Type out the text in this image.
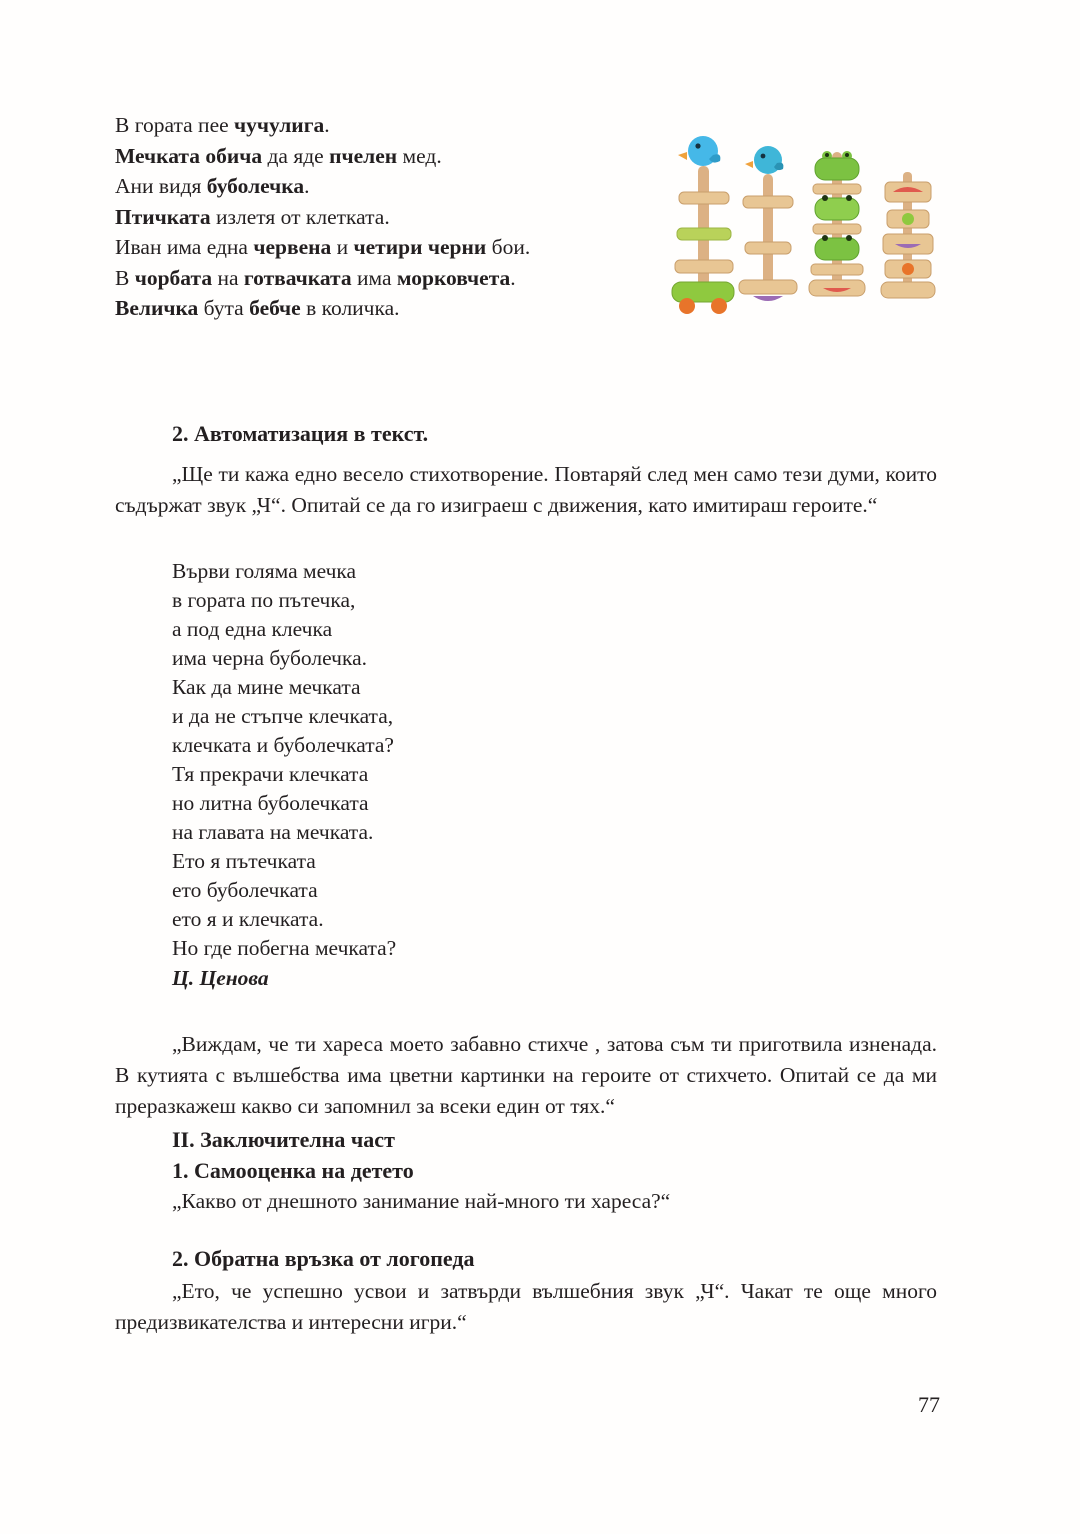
В гората пее чучулига.
Мечката обича да яде пчелен мед.
Ани видя буболечка.
Птичката излетя от клетката.
Иван има една червена и четири черни бои.
В чорбата на готвачката има морковчета.
Величка бута бебче в количка.
2. Автоматизация в текст.

„Ще ти кажа едно весело стихотворение. Повтаряй след мен само тези думи, които съдържат звук „Ч“. Опитай се да го изиграеш с движения, като имитираш героите.“

Върви голяма мечка
в гората по пътечка,
а под една клечка
има черна буболечка.
Как да мине мечката
и да не стъпче клечката,
клечката и буболечката?
Тя прекрачи клечката
но литна буболечката
на главата на мечката.
Ето я пътечката
ето буболечката
ето я и клечката.
Но где побегна мечката?
Ц. Ценова

„Виждам, че ти хареса моето забавно стихче , затова съм ти приготвила изненада. В кутията с вълшебства има цветни картинки на героите от стихчето. Опитай се да ми преразкажеш какво си запомнил за всеки един от тях.“

II. Заключителна част
1. Самооценка на детето

„Какво от днешното занимание най-много ти хареса?“

2. Обратна връзка от логопеда

„Ето, че успешно усвои и затвърди вълшебния звук „Ч“. Чакат те още много предизвикателства и интересни игри.“

77
